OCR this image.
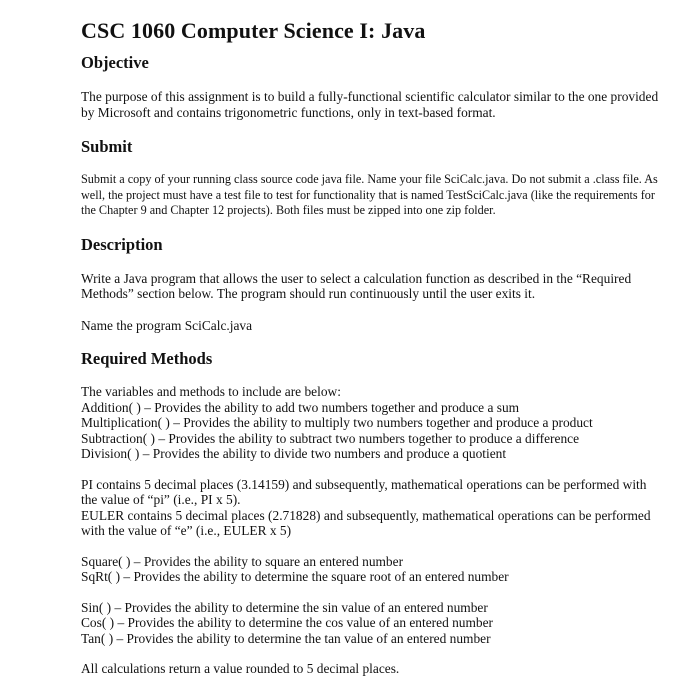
CSC 1060 Computer Science I: Java
Objective

The purpose of this assignment is to build a fully-functional scientific calculator similar to the one provided by Microsoft and contains trigonometric functions, only in text-based format.

Submit

Submit a copy of your running class source code java file. Name your file SciCalc.java. Do not submit a .class file. As well, the project must have a test file to test for functionality that is named TestSciCalc.java (like the requirements for the Chapter 9 and Chapter 12 projects). Both files must be zipped into one zip folder.

Description

Write a Java program that allows the user to select a calculation function as described in the “Required Methods” section below. The program should run continuously until the user exits it.

Name the program SciCalc.java

Required Methods
The variables and methods to include are below:
Addition( ) – Provides the ability to add two numbers together and produce a sum
Multiplication( ) – Provides the ability to multiply two numbers together and produce a product
Subtraction( ) – Provides the ability to subtract two numbers together to produce a difference
Division( ) – Provides the ability to divide two numbers and produce a quotient

PI contains 5 decimal places (3.14159) and subsequently, mathematical operations can be performed with the value of “pi” (i.e., PI x 5).

EULER contains 5 decimal places (2.71828) and subsequently, mathematical operations can be performed with the value of “e” (i.e., EULER x 5)

Square( ) – Provides the ability to square an entered number
SqRt( ) – Provides the ability to determine the square root of an entered number
Sin( ) – Provides the ability to determine the sin value of an entered number
Cos( ) – Provides the ability to determine the cos value of an entered number
Tan( ) – Provides the ability to determine the tan value of an entered number

All calculations return a value rounded to 5 decimal places.
